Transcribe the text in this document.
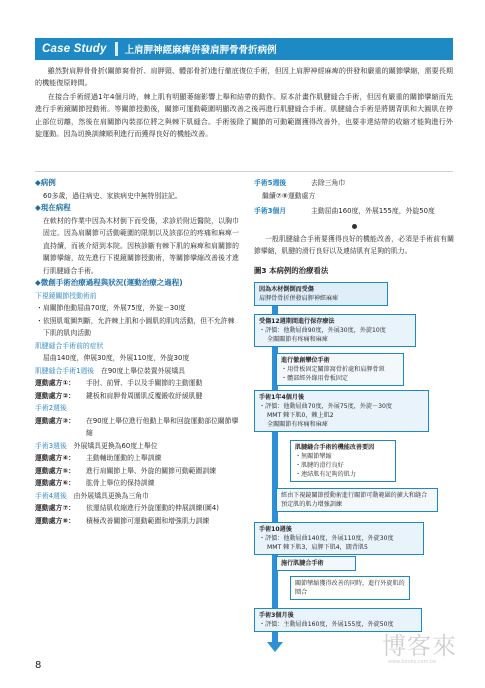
Case Study	上肩胛神經麻痺併發肩胛骨骨折病例

雖然對肩胛骨骨折(關節窩骨折、肩胛頸、體部骨折)進行徹底復位手術，但因上肩胛神經麻痺的併發和嚴重的關節攣縮，需要長期的機能復原時間。

在接合手術經過1年4個月時，棘上肌有明顯萎縮影響上舉和結帶的動作。原本計畫作肌腱縫合手術，但因有嚴重的關節攣縮而先進行手術鏡關節授動術。等關節授動後，關節可運動範圍明顯改善之後再進行肌腱縫合手術。肌腱縫合手術是將闊背肌和大圓肌在停止部位切離，然後在肩關節內裝部位將之與棘下肌縫合。手術後除了關節的可動範圍獲得改善外，也要非達結帶的收縮才能夠進行外旋運動。因為切換訓練順利進行而獲得良好的機能改善。

◆病例

60多歲，過往病史、家族病史中無特別註記。

◆現在病程

在軟材的作業中因為木材倒下而受傷，求診於附近醫院，以胸巾固定。因為肩關節可活動範圍的限制以及該部位的疼痛和麻痺一直持續，而被介紹到本院。因核診斷有棘下肌的麻痺和肩關節的關節攣縮，故先進行下視鏡關節授動術，等關節攣縮改善後才進行肌腱縫合手術。

◆微創手術治療過程與狀況(運動治療之過程)

下視鏡關節授動術前

・肩關節他動屈曲70度，外展75度，外旋－30度

・依照肌電圖判斷，允許棘上肌和小圓肌的肌肉活動，但不允許棘下肌的肌肉活動

肌腱縫合手術前的症狀

屈曲140度，伸展30度，外展110度，外旋30度

肌腱縫合手術1週後　 在90度上舉位裝置外展矯具

運動處方①：	手肘、前臂、手以及手關節的主動運動
運動處方②：	鍵板和肩胛骨周圍肌反覆鍛收紓緩肌腱

手術2週後

運動處方③：	在90度上舉位進行他動上舉和回旋運動部位關節攣縮

手術3週後　 外展矯具更換為60度上舉位

運動處方④：	主動輔助運動的上舉訓練
運動處方⑤：	進行肩關節上舉、外旋的關節可動範圍訓練
運動處方⑥：	肱骨上舉位的保持訓練

手術4週後　 由外展矯具更換為三角巾

運動處方⑦：	依運結肌收縮進行外旋運動的伸展訓練(圖4)
運動處方⑧：	積極改善關節可運動範圍和增強肌力訓練
手術5週後	去除三角巾

繼續⑦⑧運動處方

手術3個月	主動屈曲160度，外展155度，外旋50度

一般肌腱縫合手術要獲得良好的機能改善，必須是手術前有關節攣縮，肌腱的滑行良好以及連結肌有足夠的肌力。

圖3 本病例的治療看法

因為木材倒倒而受傷
肩胛骨骨折併發肩胛神經麻痺
受傷12週期間進行保存療法
・評價：他動屈曲90度，外展30度，外旋10度
全關關節有疼痛和麻痺
進行徹創攣位手術
・用骨板固定關節窩骨折處和肩胛骨頸
・體部經外緣用骨板固定
手術1年4個月後
・評價：他動屈曲70度，外展75度，外旋－30度
MMT 棘下肌0，棘上肌2
全關關節有疼痛和麻痺
肌腱縫合手術的機能改善要因
・無關節攣縮
・肌腱的滑行良好
・連結肌有足夠的肌力
經由下視鏡關節授動術進行關節可動範圍的擴大和縫合預定肌的肌力增強訓練
手術10週後
・評價：他動屈曲140度，外展110度，外旋30度
MMT 棘下肌3，肩胛下肌4，闊背肌5
施行肌腱合手術
關節攣縮獲得改善的同時，進行外旋肌的鬩合
手術3個月後
・評價：主動屈曲160度，外展155度，外旋50度
8
博客來
www.books.com.tw
